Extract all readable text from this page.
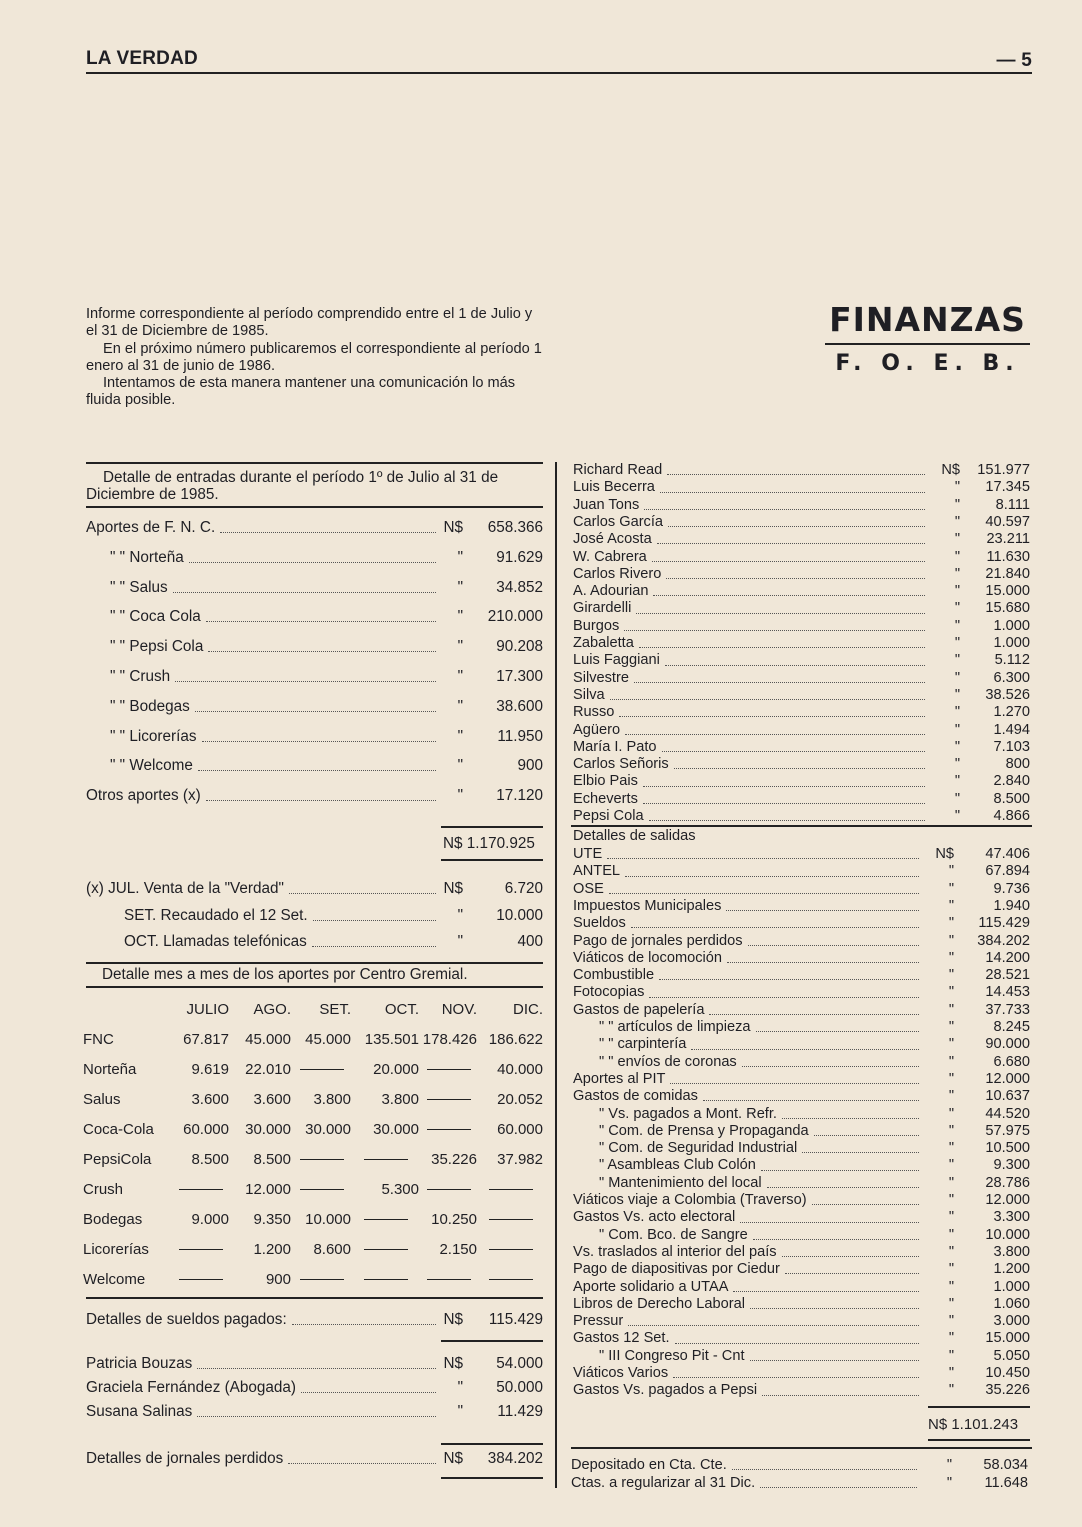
LA VERDAD	— 5

Informe correspondiente al período comprendido entre el 1 de Julio y el 31 de Diciembre de 1985.

En el próximo número publicaremos el correspondiente al período 1 enero al 31 de junio de 1986.

Intentamos de esta manera mantener una comunicación lo más fluida posible.

FINANZAS
F. O. E. B.
Detalle de entradas durante el período 1º de Julio al 31 de Diciembre de 1985.
Aportes de F. N. C.	N$	658.366
" " Norteña	"	91.629
" " Salus	"	34.852
" " Coca Cola	"	210.000
" " Pepsi Cola	"	90.208
" " Crush	"	17.300
" " Bodegas	"	38.600
" " Licorerías	"	11.950
" " Welcome	"	900
Otros aportes (x)	"	17.120
N$ 1.170.925
(x) JUL. Venta de la "Verdad"	N$	6.720
SET. Recaudado el 12 Set.	"	10.000
OCT. Llamadas telefónicas	"	400
Detalle mes a mes de los aportes por Centro Gremial.
	JULIO	AGO.	SET.	OCT.	NOV.	DIC.
FNC	67.817	45.000	45.000	135.501	178.426	186.622
Norteña	9.619	22.010		20.000		40.000
Salus	3.600	3.600	3.800	3.800		20.052
Coca-Cola	60.000	30.000	30.000	30.000		60.000
PepsiCola	8.500	8.500			35.226	37.982
Crush		12.000		5.300		
Bodegas	9.000	9.350	10.000		10.250	
Licorerías		1.200	8.600		2.150	
Welcome		900				
Detalles de sueldos pagados:	N$	115.429
Patricia Bouzas	N$	54.000
Graciela Fernández (Abogada)	"	50.000
Susana Salinas	"	11.429
Detalles de jornales perdidos	N$	384.202
Richard Read	N$	151.977
Luis Becerra	"	17.345
Juan Tons	"	8.111
Carlos García	"	40.597
José Acosta	"	23.211
W. Cabrera	"	11.630
Carlos Rivero	"	21.840
A. Adourian	"	15.000
Girardelli	"	15.680
Burgos	"	1.000
Zabaletta	"	1.000
Luis Faggiani	"	5.112
Silvestre	"	6.300
Silva	"	38.526
Russo	"	1.270
Agüero	"	1.494
María I. Pato	"	7.103
Carlos Señoris	"	800
Elbio Pais	"	2.840
Echeverts	"	8.500
Pepsi Cola	"	4.866
Detalles de salidas
UTE	N$	47.406
ANTEL	"	67.894
OSE	"	9.736
Impuestos Municipales	"	1.940
Sueldos	"	115.429
Pago de jornales perdidos	"	384.202
Viáticos de locomoción	"	14.200
Combustible	"	28.521
Fotocopias	"	14.453
Gastos de papelería	"	37.733
" " artículos de limpieza	"	8.245
" " carpintería	"	90.000
" " envíos de coronas	"	6.680
Aportes al PIT	"	12.000
Gastos de comidas	"	10.637
" Vs. pagados a Mont. Refr.	"	44.520
" Com. de Prensa y Propaganda	"	57.975
" Com. de Seguridad Industrial	"	10.500
" Asambleas Club Colón	"	9.300
" Mantenimiento del local	"	28.786
Viáticos viaje a Colombia (Traverso)	"	12.000
Gastos Vs. acto electoral	"	3.300
" Com. Bco. de Sangre	"	10.000
Vs. traslados al interior del país	"	3.800
Pago de diapositivas por Ciedur	"	1.200
Aporte solidario a UTAA	"	1.000
Libros de Derecho Laboral	"	1.060
Pressur	"	3.000
Gastos 12 Set.	"	15.000
" III Congreso Pit - Cnt	"	5.050
Viáticos Varios	"	10.450
Gastos Vs. pagados a Pepsi	"	35.226
Depositado en Cta. Cte.	"	58.034
Ctas. a regularizar al 31 Dic.	"	11.648
N$ 1.101.243
